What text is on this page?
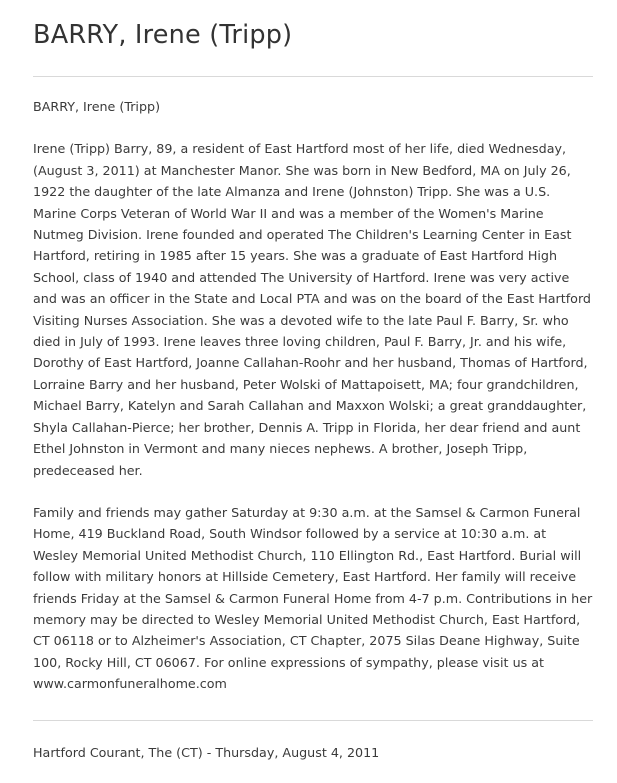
BARRY, Irene (Tripp)

BARRY, Irene (Tripp)

Irene (Tripp) Barry, 89, a resident of East Hartford most of her life, died Wednesday, (August 3, 2011) at Manchester Manor. She was born in New Bedford, MA on July 26, 1922 the daughter of the late Almanza and Irene (Johnston) Tripp. She was a U.S. Marine Corps Veteran of World War II and was a member of the Women's Marine Nutmeg Division. Irene founded and operated The Children's Learning Center in East Hartford, retiring in 1985 after 15 years. She was a graduate of East Hartford High School, class of 1940 and attended The University of Hartford. Irene was very active and was an officer in the State and Local PTA and was on the board of the East Hartford Visiting Nurses Association. She was a devoted wife to the late Paul F. Barry, Sr. who died in July of 1993. Irene leaves three loving children, Paul F. Barry, Jr. and his wife, Dorothy of East Hartford, Joanne Callahan-Roohr and her husband, Thomas of Hartford, Lorraine Barry and her husband, Peter Wolski of Mattapoisett, MA; four grandchildren, Michael Barry, Katelyn and Sarah Callahan and Maxxon Wolski; a great granddaughter, Shyla Callahan-Pierce; her brother, Dennis A. Tripp in Florida, her dear friend and aunt Ethel Johnston in Vermont and many nieces nephews. A brother, Joseph Tripp, predeceased her.

Family and friends may gather Saturday at 9:30 a.m. at the Samsel & Carmon Funeral Home, 419 Buckland Road, South Windsor followed by a service at 10:30 a.m. at Wesley Memorial United Methodist Church, 110 Ellington Rd., East Hartford. Burial will follow with military honors at Hillside Cemetery, East Hartford. Her family will receive friends Friday at the Samsel & Carmon Funeral Home from 4-7 p.m. Contributions in her memory may be directed to Wesley Memorial United Methodist Church, East Hartford, CT 06118 or to Alzheimer's Association, CT Chapter, 2075 Silas Deane Highway, Suite 100, Rocky Hill, CT 06067. For online expressions of sympathy, please visit us at www.carmonfuneralhome.com

Hartford Courant, The (CT) - Thursday, August 4, 2011
